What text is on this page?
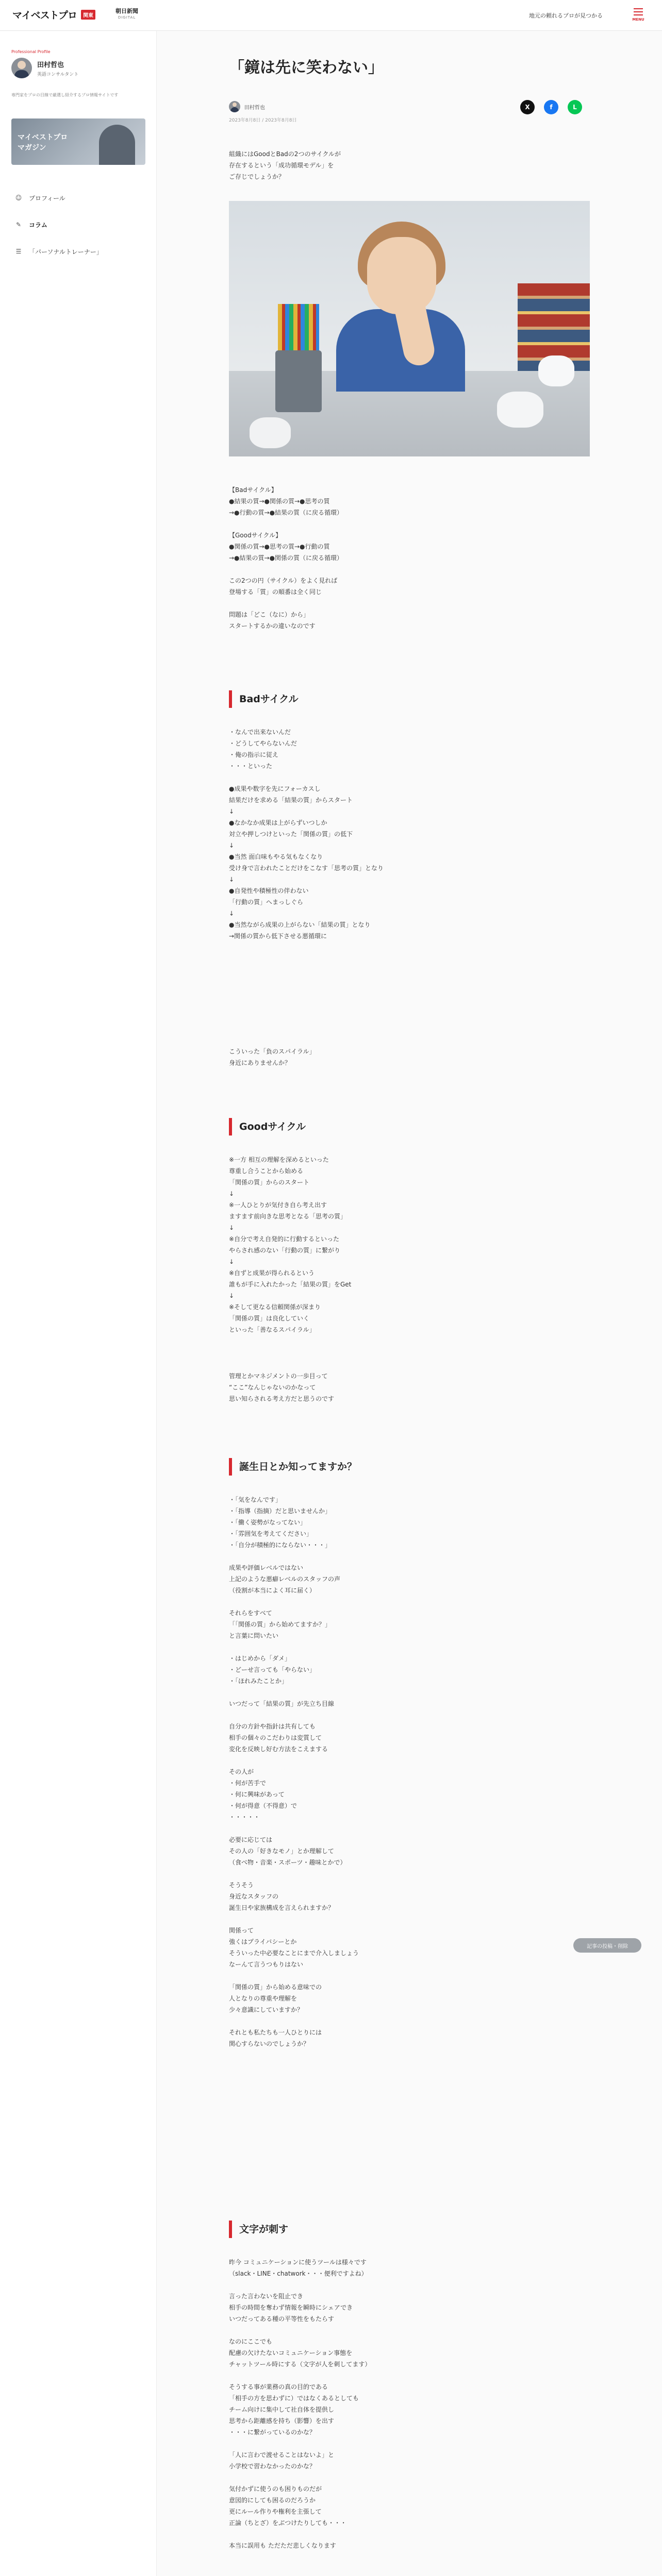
マイベストプロ	関東
朝日新聞
DIGITAL	地元の頼れるプロが見つかる
MENU
Professional Profile
田村哲也
英語コンサルタント
専門家をプロの目線で厳選し紹介するプロ情報サイトです
マイベストプロ
マガジン
☺ プロフィール
✎ コラム
☰ 「パーソナルトレーナー」
「鏡は先に笑わない」
田村哲也
2023年8月8日 / 2023年8月8日
X	f	L
組織にはGoodとBadの2つのサイクルが
存在するという「成功循環モデル」を
ご存じでしょうか？
【Badサイクル】
●結果の質→●関係の質→●思考の質
→●行動の質→●結果の質（に戻る循環）

【Goodサイクル】
●関係の質→●思考の質→●行動の質
→●結果の質→●関係の質（に戻る循環）

この2つの円（サイクル）をよく見れば
登場する「質」の順番は全く同じ

問題は「どこ（なに）から」
スタートするかの違いなのです
Badサイクル
・なんで出来ないんだ
・どうしてやらないんだ
・俺の指示に従え
・・・といった

●成果や数字を先にフォーカスし
結果だけを求める「結果の質」からスタート
↓
●なかなか成果は上がらずいつしか
対立や押しつけといった「関係の質」の低下
↓
●当然 面白味もやる気もなくなり
受け身で言われたことだけをこなす「思考の質」となり
↓
●自発性や積極性の伴わない
「行動の質」へまっしぐら
↓
●当然ながら成果の上がらない「結果の質」となり
→関係の質から低下させる悪循環に
こういった「負のスパイラル」
身近にありませんか？
Goodサイクル
※一方 相互の理解を深めるといった
尊重し合うことから始める
「関係の質」からのスタート
↓
※一人ひとりが気付き自ら考え出す
ますます前向きな思考となる「思考の質」
↓
※自分で考え自発的に行動するといった
やらされ感のない「行動の質」に繋がり
↓
※自ずと成果が得られるという
誰もが手に入れたかった「結果の質」をGet
↓
※そして更なる信頼関係が深まり
「関係の質」は良化していく
といった「善なるスパイラル」
管理とかマネジメントの一歩目って
“ここ”なんじゃないのかなって
思い知らされる考え方だと思うのです
誕生日とか知ってますか？
・「気をなんです」
・「指導（指摘）だと思いませんか」
・「働く姿勢がなってない」
・「雰囲気を考えてください」
・「自分が積極的にならない・・・」

成果や評価レベルではない
上記のような悪癖レベルのスタッフの声
（役割が本当によく耳に届く）

それらをすべて
「「関係の質」から始めてますか？」
と言葉に問いたい

・はじめから「ダメ」
・どーせ言っても「やらない」
・「ほれみたことか」

いつだって「結果の質」が先立ち目線

自分の方針や指針は共有しても
相手の個々のこだわりは変質して
変化を反映し好む方法をこえまする

その人が
・何が苦手で
・何に興味があって
・何が得意（不得意）で
・・・・・

必要に応じては
その人の「好きなモノ」とか理解して
（食べ物・音楽・スポーツ・趣味とかで）

そうそう
身近なスタッフの
誕生日や家族構成を言えられますか？

関係って
強くはプライバシーとか
そういった中必要なことにまで介入しましょう
なーんて言うつもりはない

「関係の質」から始める意味での
人となりの尊重や理解を
少々意識にしていますか？

それとも私たちも一人ひとりには
関心すらないのでしょうか？
文字が刺す
昨今 コミュニケーションに使うツールは様々です
（slack・LINE・chatwork・・・便利ですよね）

言った言わないを阻止でき
相手の時間を奪わず情報を瞬時にシェアでき
いつだってある種の平等性をもたらす

なのにここでも
配慮の欠けたないコミュニケーション事態を
チャットツール時にする（文字が人を刺してます）

そうする事が業務の真の目的である
「相手の方を思わずに）ではなくあるとしても
チーム向けに集中して社自体を提供し
思考から距離感を持ち（影響）を出す
・・・に繋がっているのかな？

「人に言わで渡せることはないよ」と
小学校で習わなかったのかな？

気付かずに使うのも困りものだが
意図的にしても困るのだろうか
更にルール作りや権利を主張して
正論（ちとざ）をぶつけたりしても・・・

本当に誤用も ただただ悲しくなります
記事の投稿・削除
